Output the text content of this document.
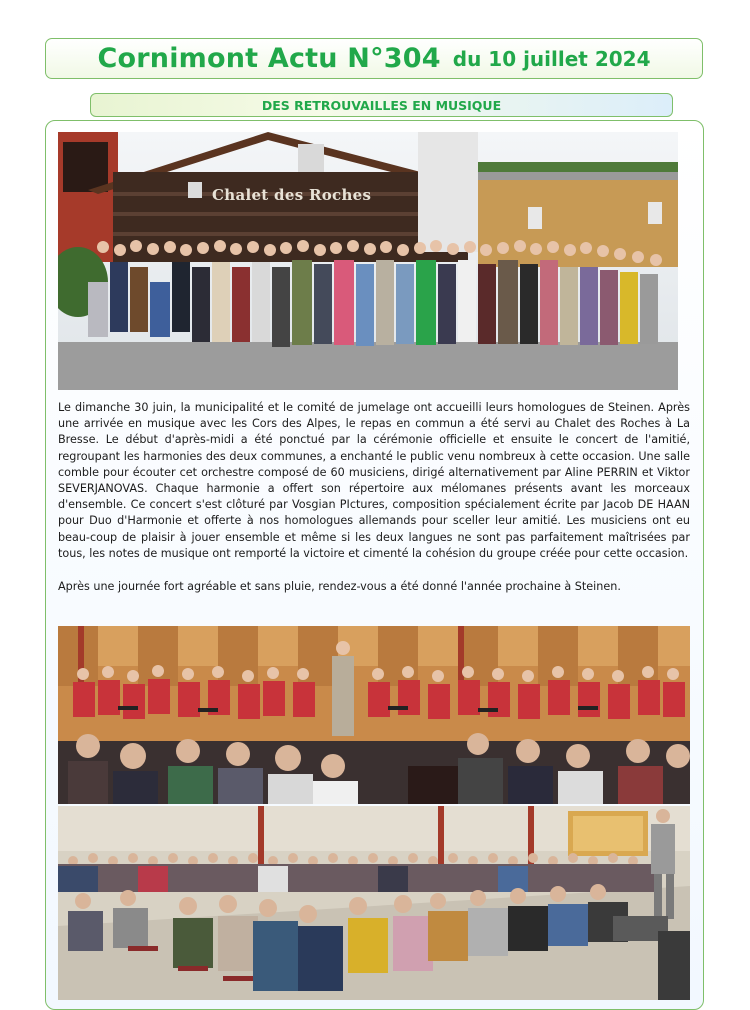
Cornimont Actu N°304 du 10 juillet 2024
DES RETROUVAILLES EN MUSIQUE
Chalet des Roches

Le dimanche 30 juin, la municipalité et le comité de jumelage ont accueilli leurs homologues de Steinen. Après une arrivée en musique avec les Cors des Alpes, le repas en commun a été servi au Chalet des Roches à La Bresse. Le début d'après-midi a été ponctué par la cérémonie officielle et ensuite le concert de l'amitié, regroupant les harmonies des deux communes, a enchanté le public venu nombreux à cette occasion. Une salle comble pour écouter cet orchestre composé de 60 musiciens, dirigé alternativement par Aline PERRIN et Viktor SEVERJANOVAS. Chaque harmonie a offert son répertoire aux mélomanes présents avant les morceaux d'ensemble. Ce concert s'est clôturé par Vosgian PIctures, composition spécialement écrite par Jacob DE HAAN pour Duo d'Harmonie et offerte à nos homologues allemands pour sceller leur amitié. Les musiciens ont eu beau-coup de plaisir à jouer ensemble et même si les deux langues ne sont pas parfaitement maîtrisées par tous, les notes de musique ont remporté la victoire et cimenté la cohésion du groupe créée pour cette occasion.

Après une journée fort agréable et sans pluie, rendez-vous a été donné l'année prochaine à Steinen.
